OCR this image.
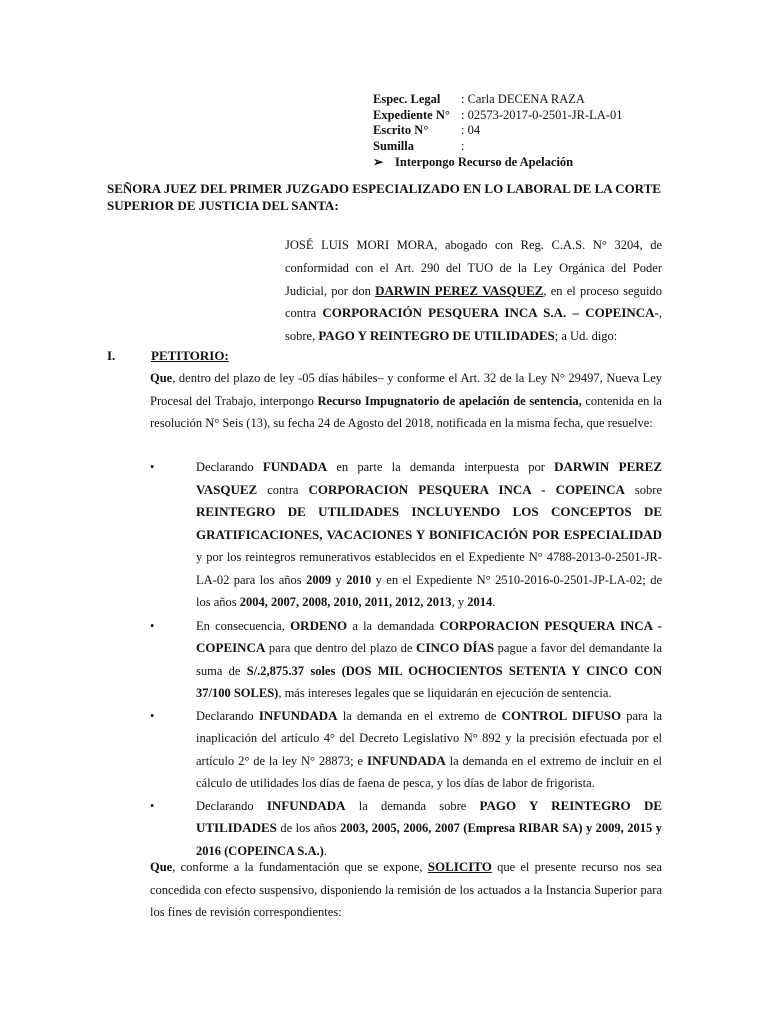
Espec. Legal	: Carla DECENA RAZA
Expediente N° : 02573-2017-0-2501-JR-LA-01
Escrito N°	: 04
Sumilla	:
➢ Interpongo Recurso de Apelación
SEÑORA JUEZ DEL PRIMER JUZGADO ESPECIALIZADO EN LO LABORAL DE LA CORTE SUPERIOR DE JUSTICIA DEL SANTA:
JOSÉ LUIS MORI MORA, abogado con Reg. C.A.S. N° 3204, de conformidad con el Art. 290 del TUO de la Ley Orgánica del Poder Judicial, por don DARWIN PEREZ VASQUEZ, en el proceso seguido contra CORPORACIÓN PESQUERA INCA S.A. – COPEINCA-, sobre, PAGO Y REINTEGRO DE UTILIDADES; a Ud. digo:
I.	PETITORIO:
Que, dentro del plazo de ley -05 días hábiles– y conforme el Art. 32 de la Ley N° 29497, Nueva Ley Procesal del Trabajo, interpongo Recurso Impugnatorio de apelación de sentencia, contenida en la resolución N° Seis (13), su fecha 24 de Agosto del 2018, notificada en la misma fecha, que resuelve:
•	Declarando FUNDADA en parte la demanda interpuesta por DARWIN PEREZ VASQUEZ contra CORPORACION PESQUERA INCA - COPEINCA sobre REINTEGRO DE UTILIDADES INCLUYENDO LOS CONCEPTOS DE GRATIFICACIONES, VACACIONES Y BONIFICACIÓN POR ESPECIALIDAD y por los reintegros remunerativos establecidos en el Expediente N° 4788-2013-0-2501-JR-LA-02 para los años 2009 y 2010 y en el Expediente N° 2510-2016-0-2501-JP-LA-02; de los años 2004, 2007, 2008, 2010, 2011, 2012, 2013, y 2014.
•	En consecuencia, ORDENO a la demandada CORPORACION PESQUERA INCA - COPEINCA para que dentro del plazo de CINCO DÍAS pague a favor del demandante la suma de S/.2,875.37 soles (DOS MIL OCHOCIENTOS SETENTA Y CINCO CON 37/100 SOLES), más intereses legales que se liquidarán en ejecución de sentencia.
•	Declarando INFUNDADA la demanda en el extremo de CONTROL DIFUSO para la inaplicación del artículo 4° del Decreto Legislativo N° 892 y la precisión efectuada por el artículo 2° de la ley N° 28873; e INFUNDADA la demanda en el extremo de incluir en el cálculo de utilidades los días de faena de pesca, y los días de labor de frigorista.
•	Declarando INFUNDADA la demanda sobre PAGO Y REINTEGRO DE UTILIDADES de los años 2003, 2005, 2006, 2007 (Empresa RIBAR SA) y 2009, 2015 y 2016 (COPEINCA S.A.).
Que, conforme a la fundamentación que se expone, SOLICITO que el presente recurso nos sea concedida con efecto suspensivo, disponiendo la remisión de los actuados a la Instancia Superior para los fines de revisión correspondientes:
